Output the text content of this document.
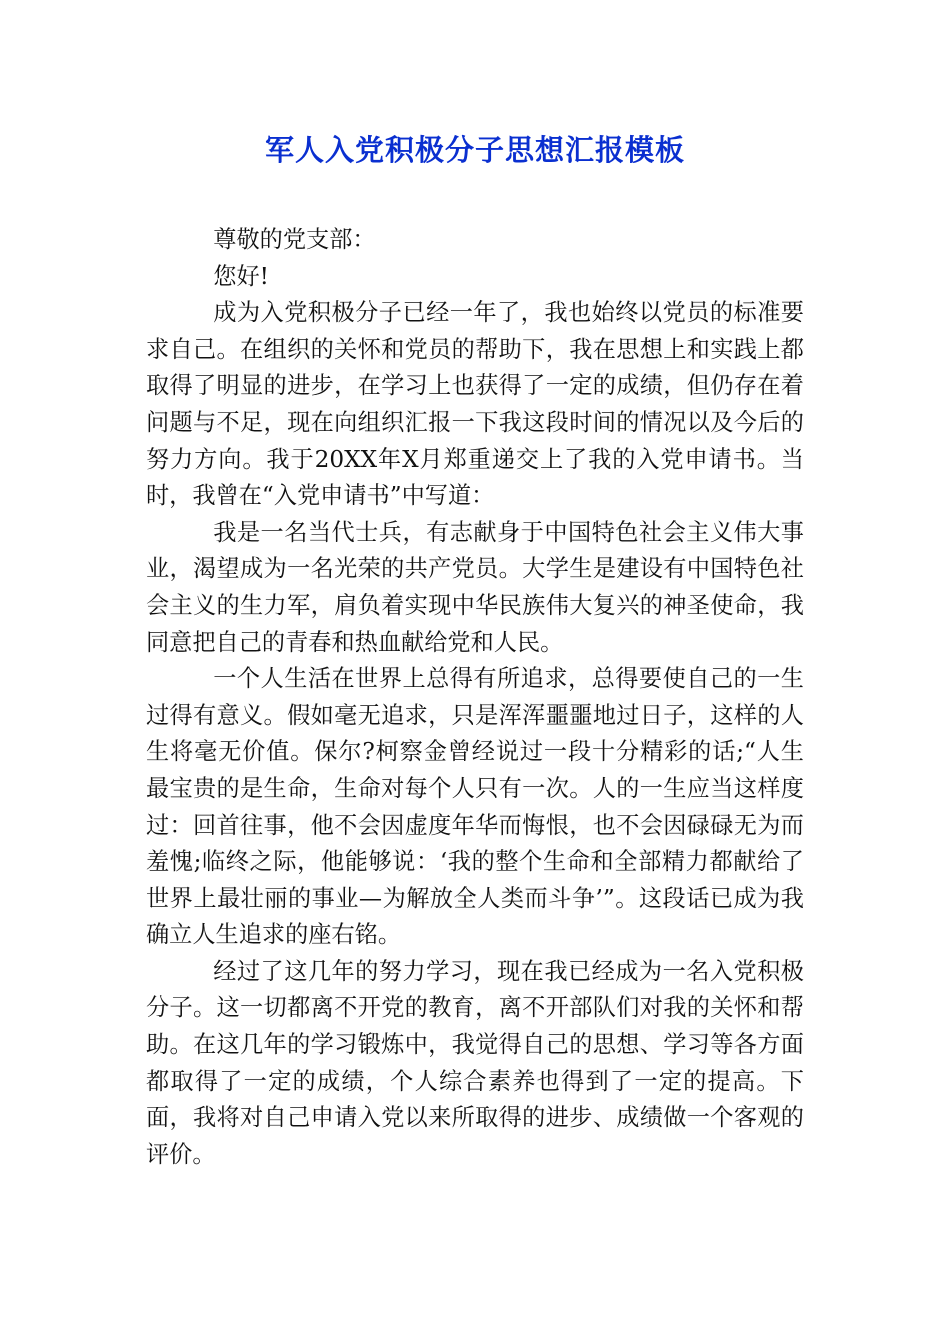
军人入党积极分子思想汇报模板

尊敬的党支部：

您好!

成为入党积极分子已经一年了，我也始终以党员的标准要求自己。在组织的关怀和党员的帮助下，我在思想上和实践上都取得了明显的进步，在学习上也获得了一定的成绩，但仍存在着问题与不足，现在向组织汇报一下我这段时间的情况以及今后的努力方向。我于20XX年X月郑重递交上了我的入党申请书。当时，我曾在“入党申请书”中写道：

我是一名当代士兵，有志献身于中国特色社会主义伟大事业，渴望成为一名光荣的共产党员。大学生是建设有中国特色社会主义的生力军，肩负着实现中华民族伟大复兴的神圣使命，我同意把自己的青春和热血献给党和人民。

一个人生活在世界上总得有所追求，总得要使自己的一生过得有意义。假如毫无追求，只是浑浑噩噩地过日子，这样的人生将毫无价值。保尔?柯察金曾经说过一段十分精彩的话;“人生最宝贵的是生命，生命对每个人只有一次。人的一生应当这样度过：回首往事，他不会因虚度年华而悔恨，也不会因碌碌无为而羞愧;临终之际，他能够说：‘我的整个生命和全部精力都献给了世界上最壮丽的事业—为解放全人类而斗争’”。这段话已成为我确立人生追求的座右铭。

经过了这几年的努力学习，现在我已经成为一名入党积极分子。这一切都离不开党的教育，离不开部队们对我的关怀和帮助。在这几年的学习锻炼中，我觉得自己的思想、学习等各方面都取得了一定的成绩，个人综合素养也得到了一定的提高。下面，我将对自己申请入党以来所取得的进步、成绩做一个客观的评价。
